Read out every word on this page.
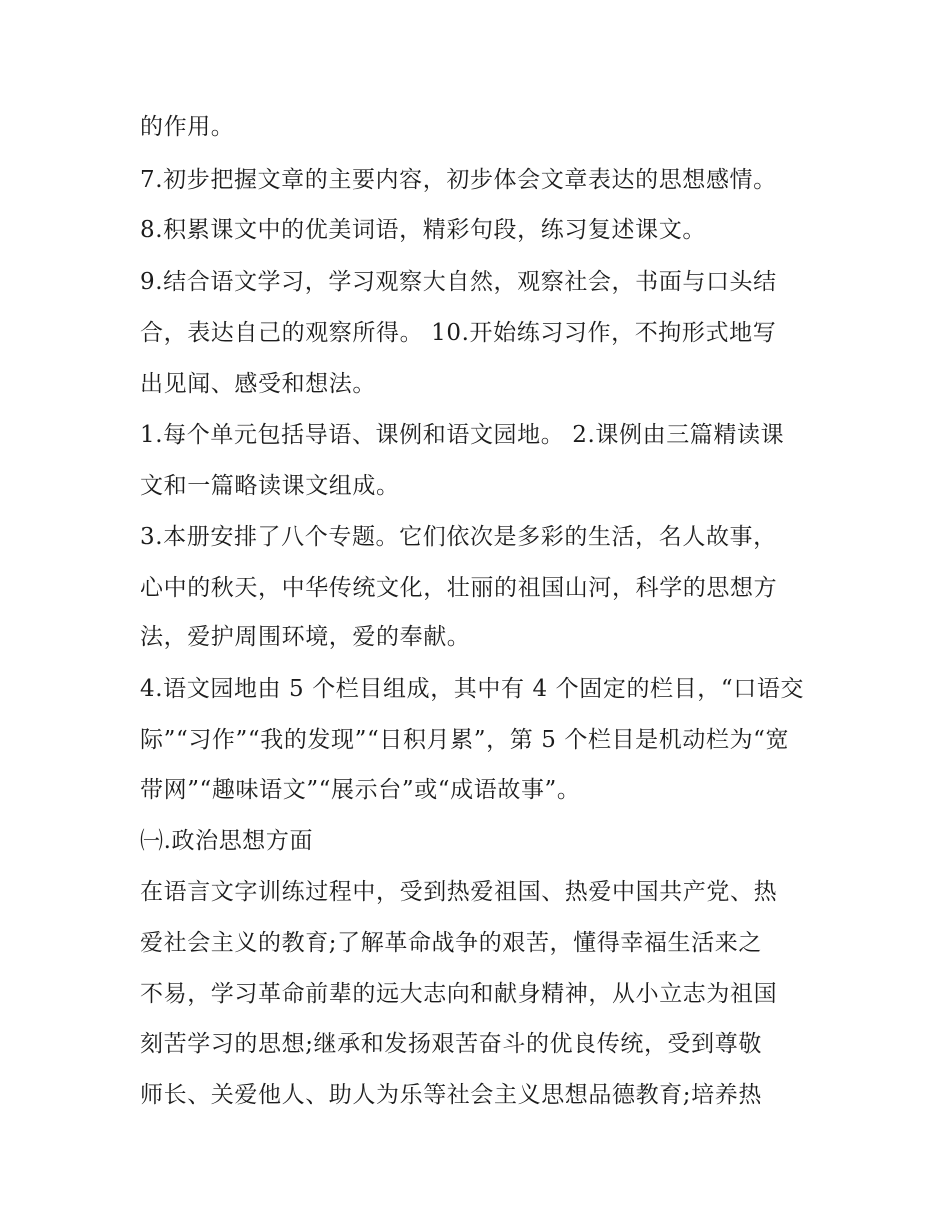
的作用。

7.初步把握文章的主要内容，初步体会文章表达的思想感情。

8.积累课文中的优美词语，精彩句段，练习复述课文。

9.结合语文学习，学习观察大自然，观察社会，书面与口头结

合，表达自己的观察所得。 10.开始练习习作，不拘形式地写

出见闻、感受和想法。

1.每个单元包括导语、课例和语文园地。 2.课例由三篇精读课

文和一篇略读课文组成。

3.本册安排了八个专题。它们依次是多彩的生活，名人故事，

心中的秋天，中华传统文化，壮丽的祖国山河，科学的思想方

法，爱护周围环境，爱的奉献。

4.语文园地由 5 个栏目组成，其中有 4 个固定的栏目，“口语交

际”“习作”“我的发现”“日积月累”，第 5 个栏目是机动栏为“宽

带网”“趣味语文”“展示台”或“成语故事”。

㈠.政治思想方面

在语言文字训练过程中，受到热爱祖国、热爱中国共产党、热

爱社会主义的教育;了解革命战争的艰苦，懂得幸福生活来之

不易，学习革命前辈的远大志向和献身精神，从小立志为祖国

刻苦学习的思想;继承和发扬艰苦奋斗的优良传统，受到尊敬

师长、关爱他人、助人为乐等社会主义思想品德教育;培养热
